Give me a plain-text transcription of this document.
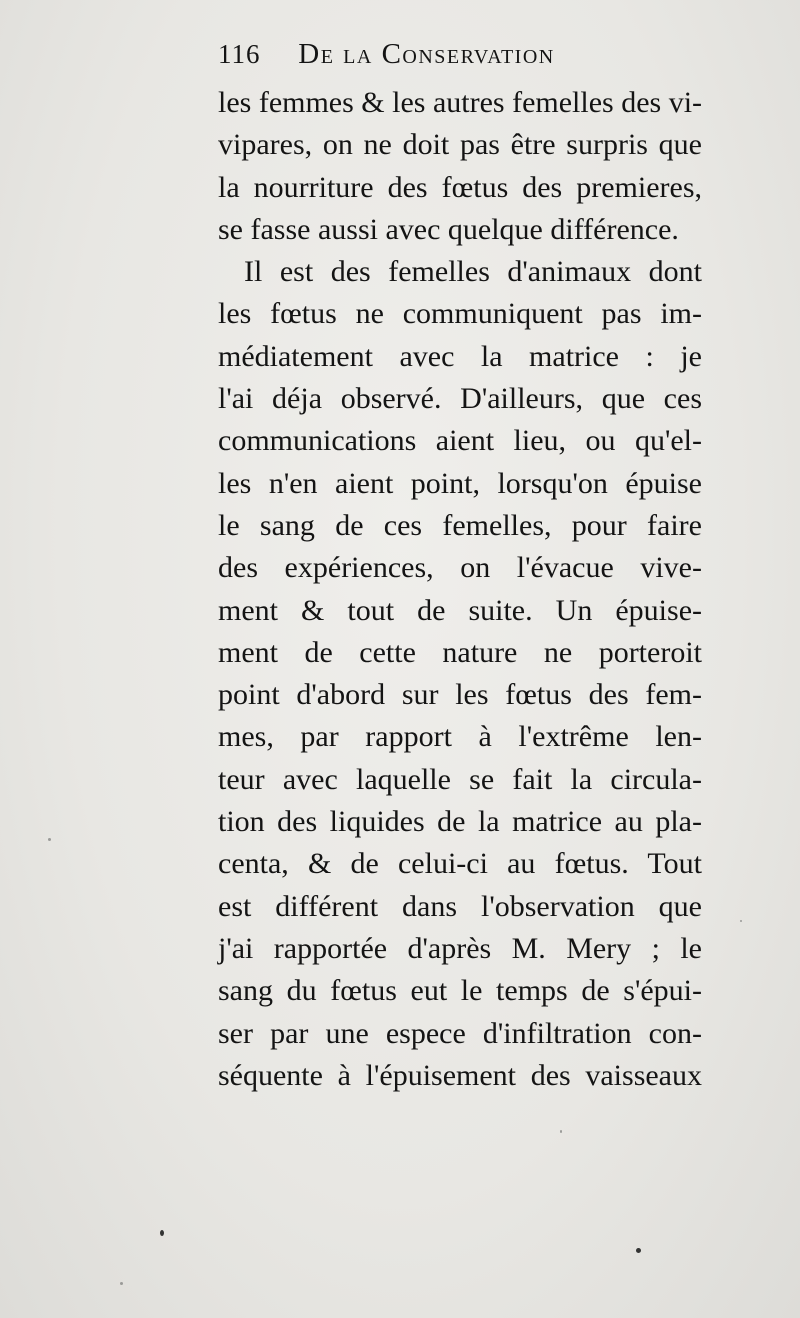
116 De la Conservation
les femmes & les autres femelles des vi-
vipares, on ne doit pas être surpris que
la nourriture des fœtus des premieres,
se fasse aussi avec quelque différence.
Il est des femelles d'animaux dont
les fœtus ne communiquent pas im-
médiatement avec la matrice : je
l'ai déja observé. D'ailleurs, que ces
communications aient lieu, ou qu'el-
les n'en aient point, lorsqu'on épuise
le sang de ces femelles, pour faire
des expériences, on l'évacue vive-
ment & tout de suite. Un épuise-
ment de cette nature ne porteroit
point d'abord sur les fœtus des fem-
mes, par rapport à l'extrême len-
teur avec laquelle se fait la circula-
tion des liquides de la matrice au pla-
centa, & de celui-ci au fœtus. Tout
est différent dans l'observation que
j'ai rapportée d'après M. Mery ; le
sang du fœtus eut le temps de s'épui-
ser par une espece d'infiltration con-
séquente à l'épuisement des vaisseaux
